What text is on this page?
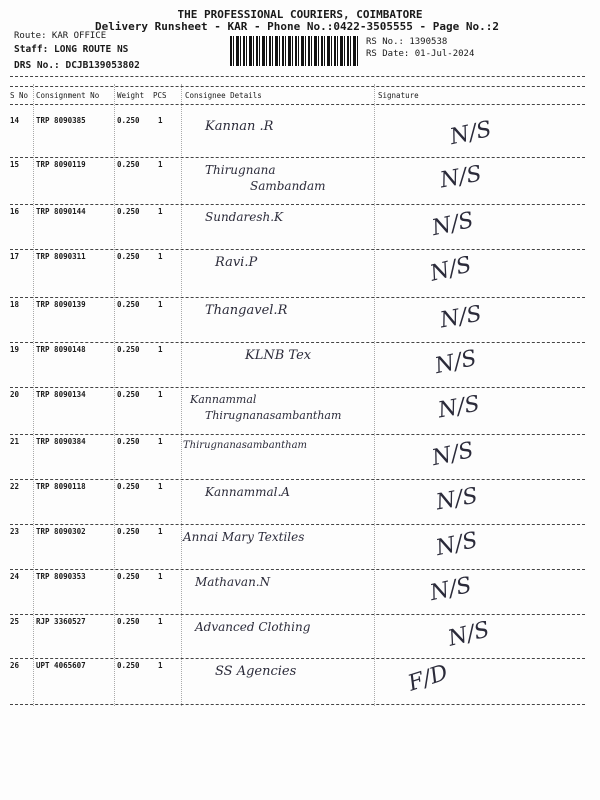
THE PROFESSIONAL COURIERS, COIMBATORE
Delivery Runsheet - KAR - Phone No.:0422-3505555 - Page No.:2
Route: KAR OFFICE
Staff: LONG ROUTE NS
DRS No.: DCJB139053802
RS No.: 1390538
RS Date: 01-Jul-2024
S No Consignment No Weight PCS Consignee Details	Signature
14 TRP 8090385	0.250 1	Kannan .R	N/S
15 TRP 8090119	0.250 1	Thirugnana
Sambandam	N/S
16 TRP 8090144	0.250 1	Sundaresh.K	N/S
17 TRP 8090311	0.250 1	Ravi.P	N/S
18 TRP 8090139	0.250 1	Thangavel.R	N/S
19 TRP 8090148	0.250 1	KLNB Tex	N/S
20 TRP 8090134	0.250 1 Kannammal
Thirugnanasambantham	N/S
21 TRP 8090384	0.250 1 Thirugnanasambantham	N/S
22 TRP 8090118	0.250 1	Kannammal.A	N/S
23 TRP 8090302	0.250 1 Annai Mary Textiles	N/S
24 TRP 8090353	0.250 1	Mathavan.N	N/S
25 RJP 3360527	0.250 1	Advanced Clothing	N/S
26 UPT 4065607	0.250 1	SS Agencies	F/D
